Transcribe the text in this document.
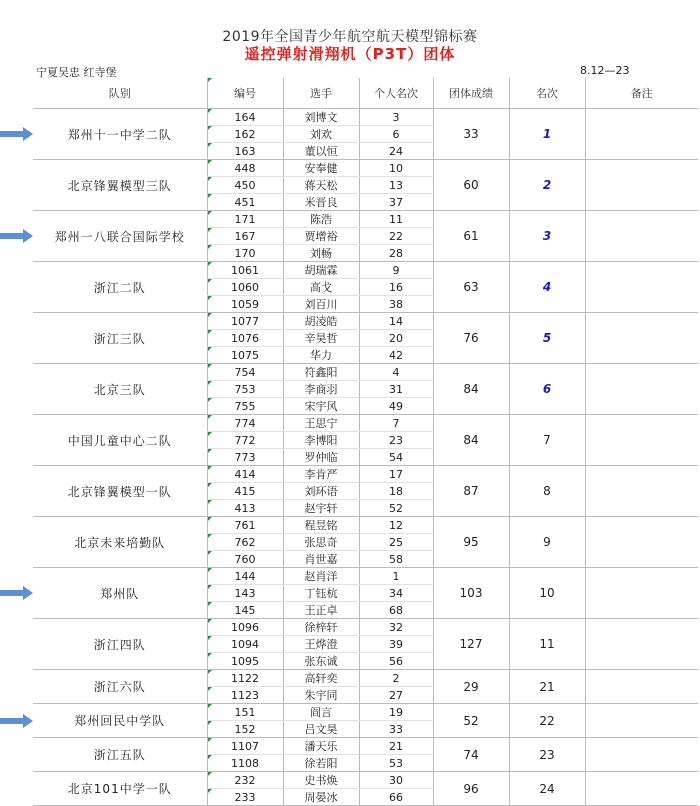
2019年全国青少年航空航天模型锦标赛
遥控弹射滑翔机（P3T）团体
宁夏吴忠 红寺堡	8.12—23
队别	编号	选手	个人名次	团体成绩	名次	备注
郑州十一中学二队	164	刘博文	3	33	1	
	162	刘欢	6			
	163	董以恒	24			
北京锋翼模型三队	448	安奉健	10	60	2	
	450	蒋天松	13			
	451	米晋良	37			
郑州一八联合国际学校	171	陈浩	11	61	3	
	167	贾增裕	22			
	170	刘畅	28			
浙江二队	1061	胡瑞霖	9	63	4	
	1060	高戈	16			
	1059	刘百川	38			
浙江三队	1077	胡凌皓	14	76	5	
	1076	辛昊哲	20			
	1075	华力	42			
北京三队	754	符鑫阳	4	84	6	
	753	李商羽	31			
	755	宋宇风	49			
中国儿童中心二队	774	王思宁	7	84	7	
	772	李博阳	23			
	773	罗仲临	54			
北京锋翼模型一队	414	李肯严	17	87	8	
	415	刘环语	18			
	413	赵宇轩	52			
北京未来培勤队	761	程昱铭	12	95	9	
	762	张思奇	25			
	760	肖世嘉	58			
郑州队	144	赵肖洋	1	103	10	
	143	丁钰杭	34			
	145	王正卓	68			
浙江四队	1096	徐梓轩	32	127	11	
	1094	王烨澄	39			
	1095	张东诚	56			
浙江六队	1122	高轩奕	2	29	21	
	1123	朱宇同	27			
郑州回民中学队	151	阎言	19	52	22	
	152	吕文昊	33			
浙江五队	1107	潘天乐	21	74	23	
	1108	徐若阳	53			
北京101中学一队	232	史书焕	30	96	24	
	233	周晏冰	66			
